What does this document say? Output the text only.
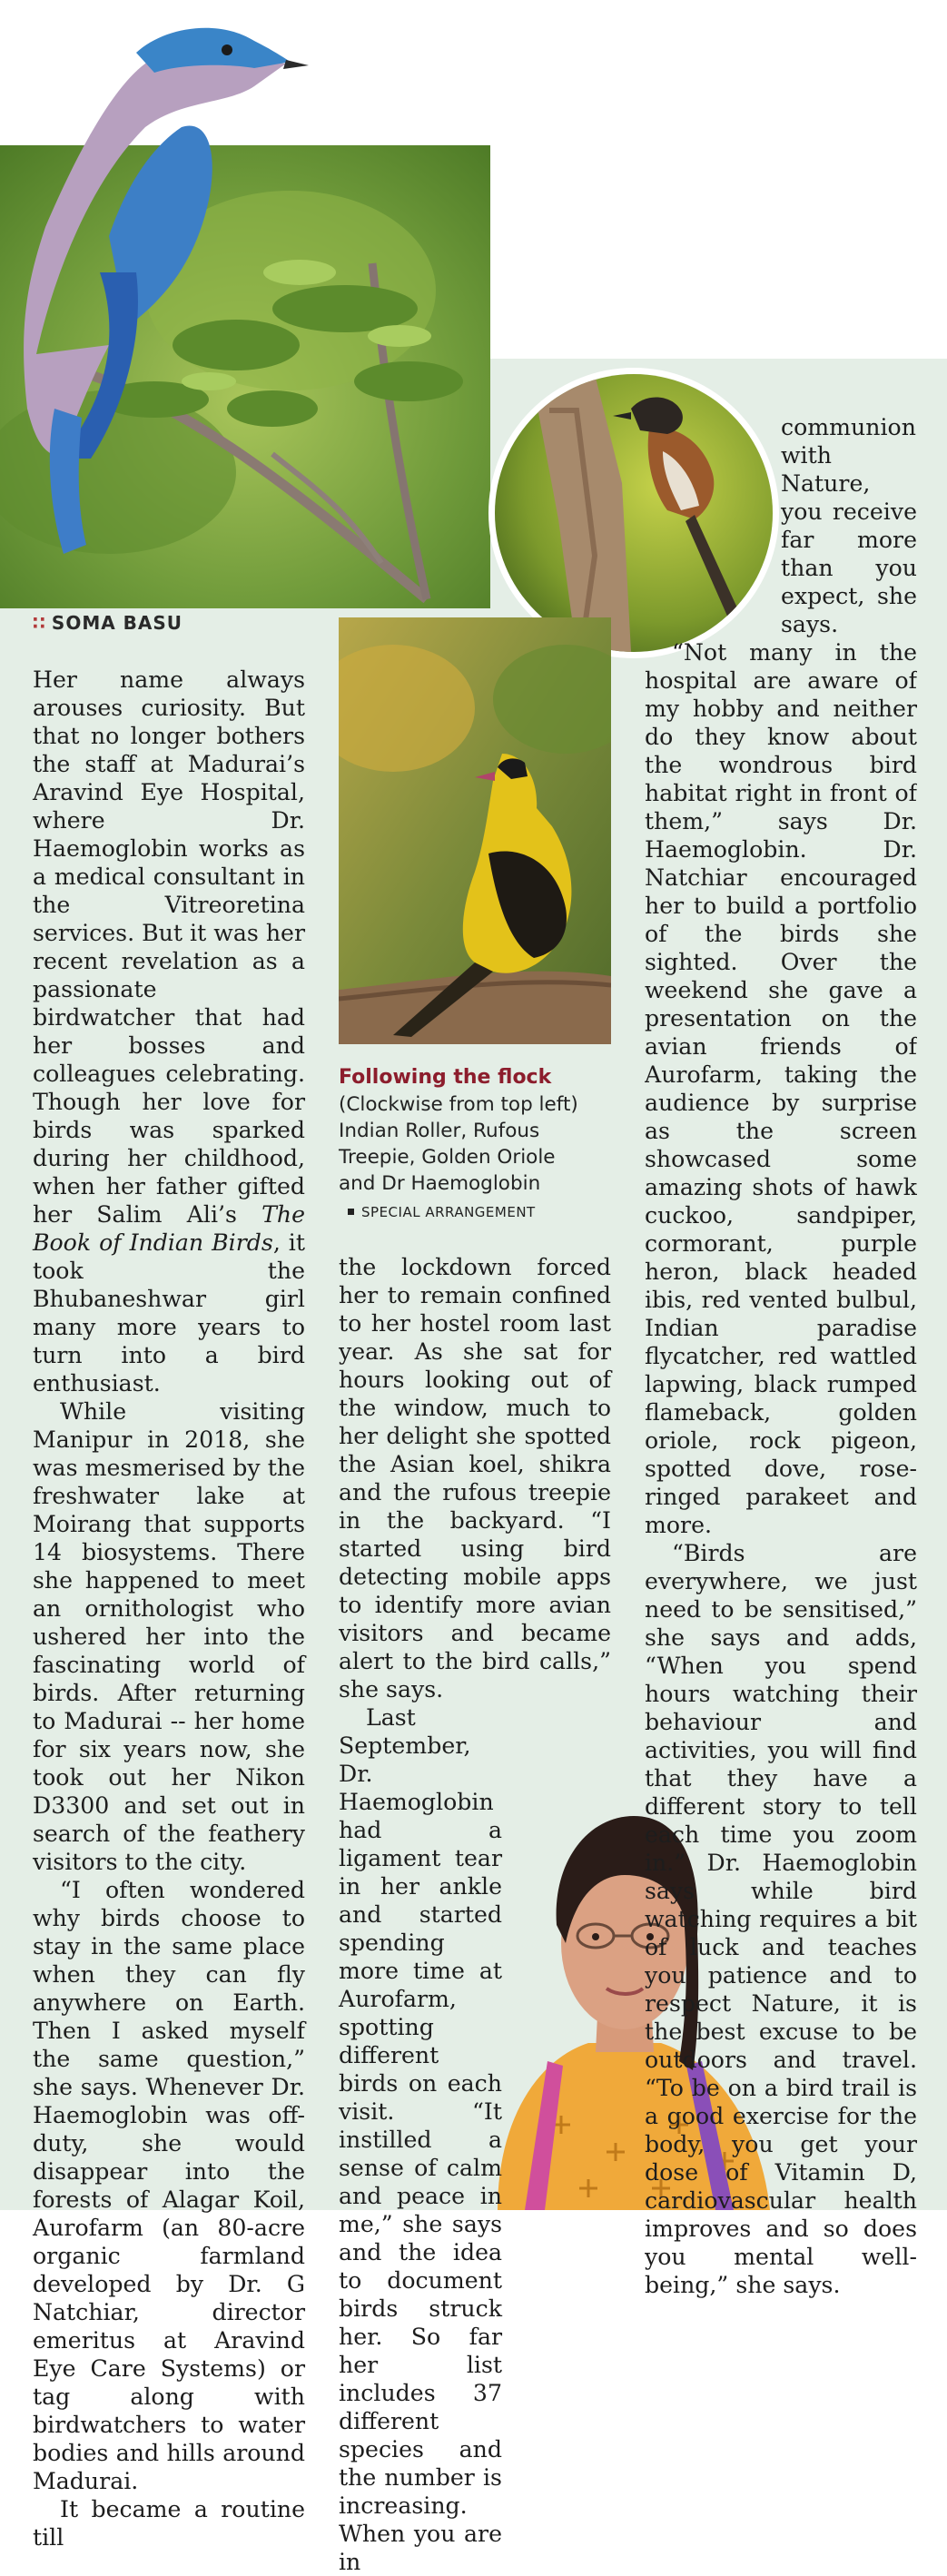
∷ SOMA BASU

Her name always arouses curiosity. But that no longer bothers the staff at Madurai’s Aravind Eye Hospital, where Dr. Haemoglobin works as a medical consultant in the Vitreoretina services. But it was her recent revelation as a passionate birdwatcher that had her bosses and colleagues celebrating. Though her love for birds was sparked during her childhood, when her father gifted her Salim Ali’s The Book of Indian Birds, it took the Bhubaneshwar girl many more years to turn into a bird enthusiast.

While visiting Manipur in 2018, she was mesmerised by the freshwater lake at Moirang that supports 14 biosystems. There she happened to meet an ornithologist who ushered her into the fascinating world of birds. After returning to Madurai -- her home for six years now, she took out her Nikon D3300 and set out in search of the feathery visitors to the city.

“I often wondered why birds choose to stay in the same place when they can fly anywhere on Earth. Then I asked myself the same question,” she says. Whenever Dr. Haemoglobin was off-duty, she would disappear into the forests of Alagar Koil, Aurofarm (an 80-acre organic farmland developed by Dr. G Natchiar, director emeritus at Aravind Eye Care Systems) or tag along with birdwatchers to water bodies and hills around Madurai.

It became a routine till

Following the flock
(Clockwise from top left)
Indian Roller, Rufous
Treepie, Golden Oriole
and Dr Haemoglobin
SPECIAL ARRANGEMENT

the lockdown forced her to remain confined to her hostel room last year. As she sat for hours looking out of the window, much to her delight she spotted the Asian koel, shikra and the rufous treepie in the backyard. “I started using bird detecting mobile apps to identify more avian visitors and became alert to the bird calls,” she says.

Last September, Dr. Haemoglobin had a ligament tear in her ankle and started spending more time at Aurofarm, spotting different birds on each visit. “It instilled a sense of calm and peace in me,” she says and the idea to document birds struck her. So far her list includes 37 different species and the number is increasing. When you are in

communion with Nature, you receive far more than you expect, she says.

“Not many in the hospital are aware of my hobby and neither do they know about the wondrous bird habitat right in front of them,” says Dr. Haemoglobin. Dr. Natchiar encouraged her to build a portfolio of the birds she sighted. Over the weekend she gave a presentation on the avian friends of Aurofarm, taking the audience by surprise as the screen showcased some amazing shots of hawk cuckoo, sandpiper, cormorant, purple heron, black headed ibis, red vented bulbul, Indian paradise flycatcher, red wattled lapwing, black rumped flameback, golden oriole, rock pigeon, spotted dove, rose-ringed parakeet and more.

“Birds are everywhere, we just need to be sensitised,” she says and adds, “When you spend hours watching their behaviour and activities, you will find that they have a different story to tell each time you zoom in.” Dr. Haemoglobin says while bird watching requires a bit of luck and teaches you patience and to respect Nature, it is the best excuse to be outdoors and travel. “To be on a bird trail is a good exercise for the body, you get your dose of Vitamin D, cardiovascular health improves and so does you mental well-being,” she says.
